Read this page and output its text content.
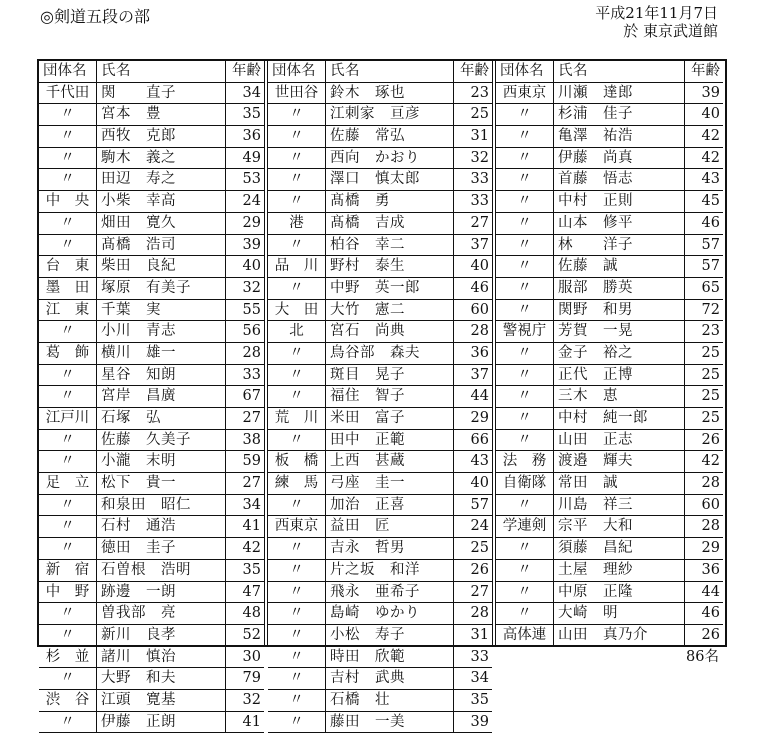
◎剣道五段の部	平成21年11月7日
於 東京武道館
団体名	氏名	年齢
千代田 関　　直子	34
〃	宮本　豊	35
〃	西牧　克郎	36
〃	駒木　義之	49
〃	田辺　寿之	53
中　央 小柴　幸高	24
〃	畑田　寛久	29
〃	髙橋　浩司	39
台　東 柴田　良紀	40
墨　田 塚原　有美子	32
江　東 千葉　実	55
〃	小川　青志	56
葛　飾 横川　雄一	28
〃	星谷　知朗	33
〃	宮岸　昌廣	67
江戸川 石塚　弘	27
〃	佐藤　久美子	38
〃	小瀧　末明	59
足　立 松下　貴一	27
〃	和泉田　昭仁	34
〃	石村　通浩	41
〃	徳田　圭子	42
新　宿 石曽根　浩明	35
中　野 跡邊　一朗	47
〃	曽我部　亮	48
〃	新川　良孝	52
杉　並 諸川　慎治	30
〃	大野　和夫	79
渋　谷 江頭　寛基	32
〃	伊藤　正朗	41
団体名	氏名	年齢
世田谷 鈴木　琢也	23
〃	江刺家　亘彦	25
〃	佐藤　常弘	31
〃	西向　かおり	32
〃	澤口　慎太郎	33
〃	髙橋　勇	33
港	髙橋　吉成	27
〃	柏谷　幸二	37
品　川 野村　泰生	40
〃	中野　英一郎	46
大　田 大竹　憲二	60
北	宮石　尚典	28
〃	鳥谷部　森夫	36
〃	斑目　晃子	37
〃	福住　智子	44
荒　川 米田　富子	29
〃	田中　正範	66
板　橋 上西　甚蔵	43
練　馬 弓座　圭一	40
〃	加治　正喜	57
西東京 益田　匠	24
〃	吉永　哲男	25
〃	片之坂　和洋	26
〃	飛永　亜希子	27
〃	島崎　ゆかり	28
〃	小松　寿子	31
〃	時田　欣範	33
〃	吉村　武典	34
〃	石橋　壮	35
〃	藤田　一美	39
団体名	氏名	年齢
西東京 川瀬　達郎	39
〃	杉浦　佳子	40
〃	亀澤　祐浩	42
〃	伊藤　尚真	42
〃	首藤　悟志	43
〃	中村　正則	45
〃	山本　修平	46
〃	林　　洋子	57
〃	佐藤　誠	57
〃	服部　勝英	65
〃	関野　和男	72
警視庁 芳賀　一晃	23
〃	金子　裕之	25
〃	正代　正博	25
〃	三木　恵	25
〃	中村　純一郎	25
〃	山田　正志	26
法　務 渡邉　輝夫	42
自衛隊 常田　誠	28
〃	川島　祥三	60
学連剣 宗平　大和	28
〃	須藤　昌紀	29
〃	土屋　理紗	36
〃	中原　正隆	44
〃	大崎　明	46
高体連 山田　真乃介	26
86名
